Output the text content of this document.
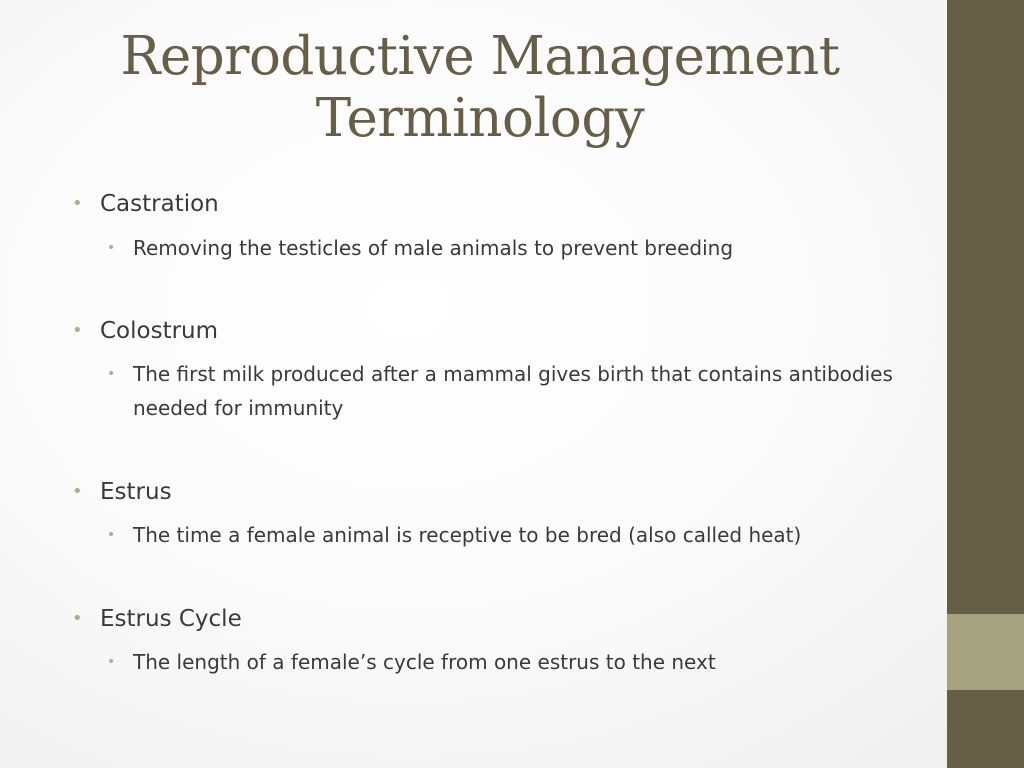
Reproductive Management Terminology
• Castration
• Removing the testicles of male animals to prevent breeding
• Colostrum
• The first milk produced after a mammal gives birth that contains antibodies needed for immunity
• Estrus
• The time a female animal is receptive to be bred (also called heat)
• Estrus Cycle
• The length of a female’s cycle from one estrus to the next
